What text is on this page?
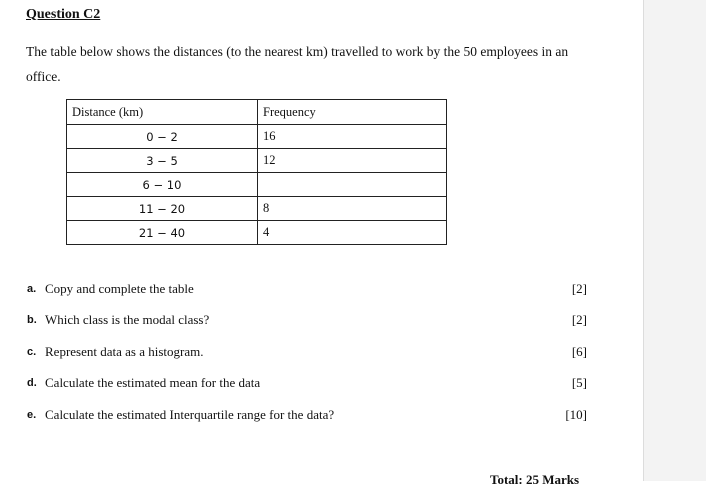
Question C2
The table below shows the distances (to the nearest km) travelled to work by the 50 employees in an office.
Distance (km)	Frequency
0 − 2	16
3 − 5	12
6 − 10	
11 − 20	8
21 − 40	4
a. Copy and complete the table	[2]
b. Which class is the modal class?	[2]
c. Represent data as a histogram.	[6]
d. Calculate the estimated mean for the data	[5]
e. Calculate the estimated Interquartile range for the data?	[10]
Total: 25 Marks
